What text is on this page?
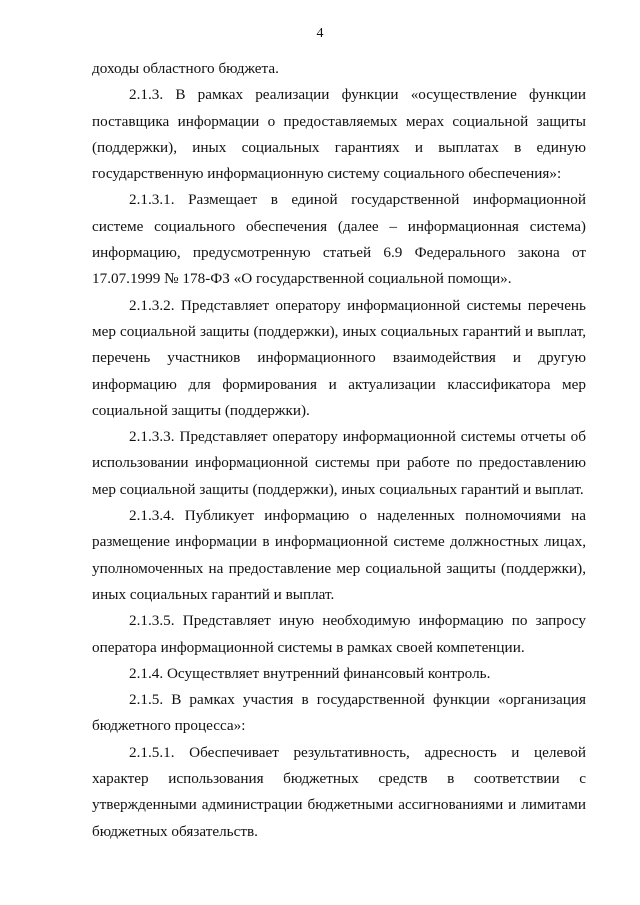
4

доходы областного бюджета.

2.1.3. В рамках реализации функции «осуществление функции поставщика информации о предоставляемых мерах социальной защиты (поддержки), иных социальных гарантиях и выплатах в единую государственную информационную систему социального обеспечения»:

2.1.3.1. Размещает в единой государственной информационной системе социального обеспечения (далее – информационная система) информацию, предусмотренную статьей 6.9 Федерального закона от 17.07.1999 № 178-ФЗ «О государственной социальной помощи».

2.1.3.2. Представляет оператору информационной системы перечень мер социальной защиты (поддержки), иных социальных гарантий и выплат, перечень участников информационного взаимодействия и другую информацию для формирования и актуализации классификатора мер социальной защиты (поддержки).

2.1.3.3. Представляет оператору информационной системы отчеты об использовании информационной системы при работе по предоставлению мер социальной защиты (поддержки), иных социальных гарантий и выплат.

2.1.3.4. Публикует информацию о наделенных полномочиями на размещение информации в информационной системе должностных лицах, уполномоченных на предоставление мер социальной защиты (поддержки), иных социальных гарантий и выплат.

2.1.3.5. Представляет иную необходимую информацию по запросу оператора информационной системы в рамках своей компетенции.

2.1.4. Осуществляет внутренний финансовый контроль.

2.1.5. В рамках участия в государственной функции «организация бюджетного процесса»:

2.1.5.1. Обеспечивает результативность, адресность и целевой характер использования бюджетных средств в соответствии с утвержденными администрации бюджетными ассигнованиями и лимитами бюджетных обязательств.
